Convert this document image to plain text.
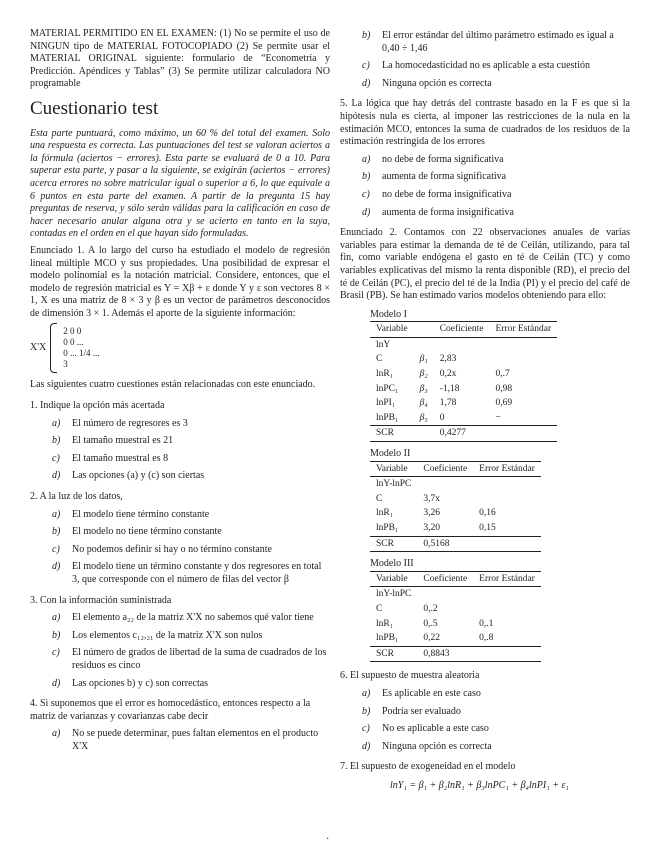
MATERIAL PERMITIDO EN EL EXAMEN: (1) No se permite el uso de NINGUN tipo de MATERIAL FOTOCOPIADO (2) Se permite usar el MATERIAL ORIGINAL siguiente: formulario de “Econometría y Predicción. Apéndices y Tablas” (3) Se permite utilizar calculadora NO programable

Cuestionario test

Esta parte puntuará, como máximo, un 60 % del total del examen. Solo una respuesta es correcta. Las puntuaciones del test se valoran aciertos a la fórmula (aciertos − errores). Esta parte se evaluará de 0 a 10. Para superar esta parte, y pasar a la siguiente, se exigirán (aciertos − errores) acerca errores no sobre matricular igual o superior a 6, lo que equivale a 6 puntos en esta parte del examen. A partir de la pregunta 15 hay preguntas de reserva, y sólo serán válidas para la calificación en caso de hacer necesario anular alguna otra y se acierto en tanto en la suya, contadas en el orden en el que hayan sido formuladas.

Enunciado 1. A lo largo del curso ha estudiado el modelo de regresión lineal múltiple MCO y sus propiedades. Una posibilidad de expresar el modelo polinomial es la notación matricial. Considere, entonces, que el modelo de regresión matricial es Y = Xβ + ε donde Y y ε son vectores 8 × 1, X es una matriz de 8 × 3 y β es un vector de parámetros desconocidos de dimensión 3 × 1. Además el aporte de la siguiente información:

X'X
2 0 0
0 0 ...
0 ... 1/4 ...
3

Las siguientes cuatro cuestiones están relacionadas con este enunciado.

1. Indique la opción más acertada

a)	El número de regresores es 3
b)	El tamaño muestral es 21
c)	El tamaño muestral es 8
d)	Las opciones (a) y (c) son ciertas

2. A la luz de los datos,

a)	El modelo tiene término constante
b)	El modelo no tiene término constante
c)	No podemos definir si hay o no término constante
d)	El modelo tiene un término constante y dos regresores en total 3, que corresponde con el número de filas del vector β

3. Con la información suministrada

a)	El elemento a₂₂ de la matriz X'X no sabemos qué valor tiene
b)	Los elementos c₁₂,₂₁ de la matriz X'X son nulos
c)	El número de grados de libertad de la suma de cuadrados de los residuos es cinco
d)	Las opciones b) y c) son correctas

4. Si suponemos que el error es homocedástico, entonces respecto a la matriz de varianzas y covarianzas cabe decir

a)	No se puede determinar, pues faltan elementos en el producto X'X
b)	El error estándar del último parámetro estimado es igual a 0,40 ÷ 1,46
c)	La homocedasticidad no es aplicable a esta cuestión
d)	Ninguna opción es correcta

5. La lógica que hay detrás del contraste basado en la F es que si la hipótesis nula es cierta, al imponer las restricciones de la nula en la estimación MCO, entonces la suma de cuadrados de los residuos de la estimación restringida de los errores

a)	no debe de forma significativa
b)	aumenta de forma significativa
c)	no debe de forma insignificativa
d)	aumenta de forma insignificativa

Enunciado 2. Contamos con 22 observaciones anuales de varias variables para estimar la demanda de té de Ceilán, utilizando, para tal fin, como variable endógena el gasto en té de Ceilán (TC) y como variables explicativas del mismo la renta disponible (RD), el precio del té de Ceilán (PC), el precio del té de la India (PI) y el precio del café de Brasil (PB). Se han estimado varios modelos obteniendo para ello:

Modelo I
Variable		Coeficiente	Error Estándar
lnY			
C	β₁	2,83	
lnR₁	β₂	0,2x	0,.7
lnPC₁	β₃	-1,18	0,98
lnPI₁	β₄	1,78	0,69
lnPB₁	β₅	0	−
SCR		0,4277	
Modelo II
Variable	Coeficiente	Error Estándar
lnY-lnPC		
C	3,7x	
lnR₁	3,26	0,16
lnPB₁	3,20	0,15
SCR	0,5168	
Modelo III
Variable	Coeficiente	Error Estándar
lnY-lnPC		
C	0,.2	
lnR₁	0,.5	0,.1
lnPB₁	0,22	0,.8
SCR	0,8843	

6. El supuesto de muestra aleatoria

a)	Es aplicable en este caso
b)	Podría ser evaluado
c)	No es aplicable a este caso
d)	Ninguna opción es correcta

7. El supuesto de exogeneidad en el modelo

lnY₁ = β₁ + β₂lnR₁ + β₃lnPC₁ + β₄lnPI₁ + ε₁

·
